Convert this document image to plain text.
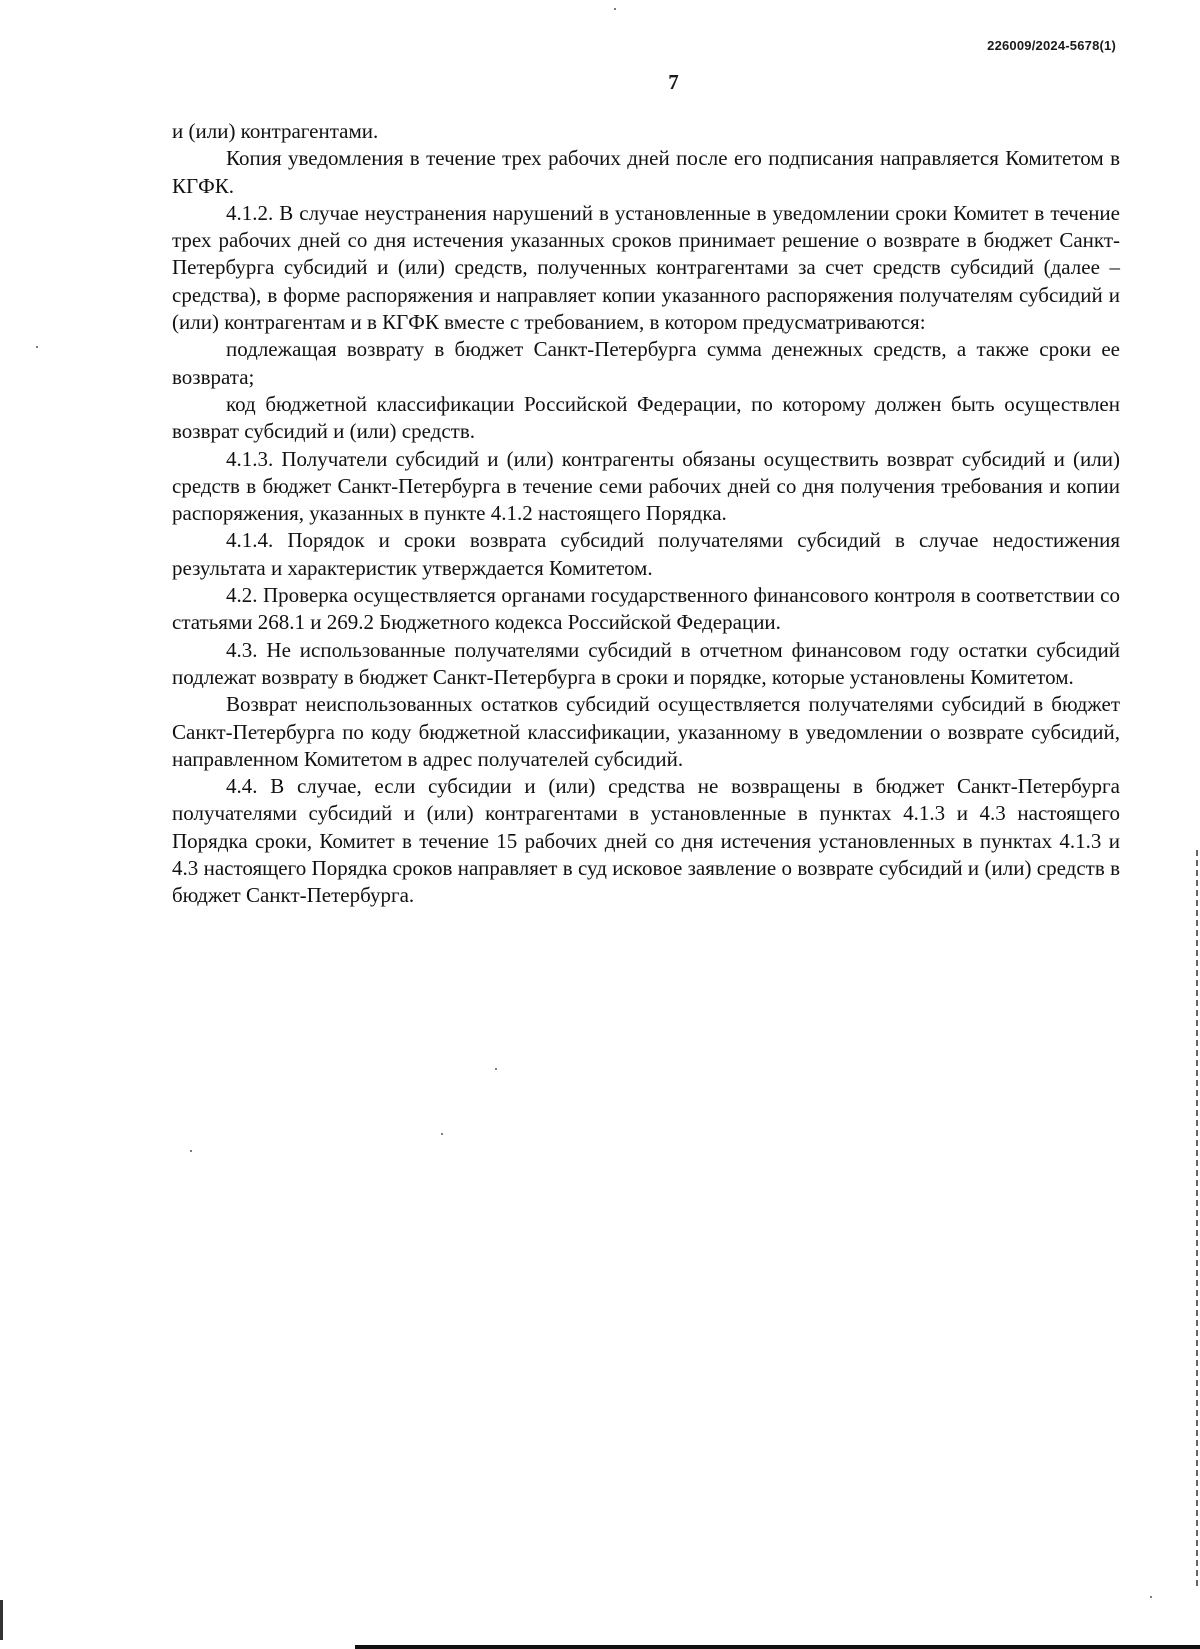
226009/2024-5678(1)
7

и (или) контрагентами.

Копия уведомления в течение трех рабочих дней после его подписания направляется Комитетом в КГФК.

4.1.2. В случае неустранения нарушений в установленные в уведомлении сроки Комитет в течение трех рабочих дней со дня истечения указанных сроков принимает решение о возврате в бюджет Санкт-Петербурга субсидий и (или) средств, полученных контрагентами за счет средств субсидий (далее – средства), в форме распоряжения и направляет копии указанного распоряжения получателям субсидий и (или) контрагентам и в КГФК вместе с требованием, в котором предусматриваются:

подлежащая возврату в бюджет Санкт-Петербурга сумма денежных средств, а также сроки ее возврата;

код бюджетной классификации Российской Федерации, по которому должен быть осуществлен возврат субсидий и (или) средств.

4.1.3. Получатели субсидий и (или) контрагенты обязаны осуществить возврат субсидий и (или) средств в бюджет Санкт-Петербурга в течение семи рабочих дней со дня получения требования и копии распоряжения, указанных в пункте 4.1.2 настоящего Порядка.

4.1.4. Порядок и сроки возврата субсидий получателями субсидий в случае недостижения результата и характеристик утверждается Комитетом.

4.2. Проверка осуществляется органами государственного финансового контроля в соответствии со статьями 268.1 и 269.2 Бюджетного кодекса Российской Федерации.

4.3. Не использованные получателями субсидий в отчетном финансовом году остатки субсидий подлежат возврату в бюджет Санкт-Петербурга в сроки и порядке, которые установлены Комитетом.

Возврат неиспользованных остатков субсидий осуществляется получателями субсидий в бюджет Санкт-Петербурга по коду бюджетной классификации, указанному в уведомлении о возврате субсидий, направленном Комитетом в адрес получателей субсидий.

4.4. В случае, если субсидии и (или) средства не возвращены в бюджет Санкт-Петербурга получателями субсидий и (или) контрагентами в установленные в пунктах 4.1.3 и 4.3 настоящего Порядка сроки, Комитет в течение 15 рабочих дней со дня истечения установленных в пунктах 4.1.3 и 4.3 настоящего Порядка сроков направляет в суд исковое заявление о возврате субсидий и (или) средств в бюджет Санкт-Петербурга.
